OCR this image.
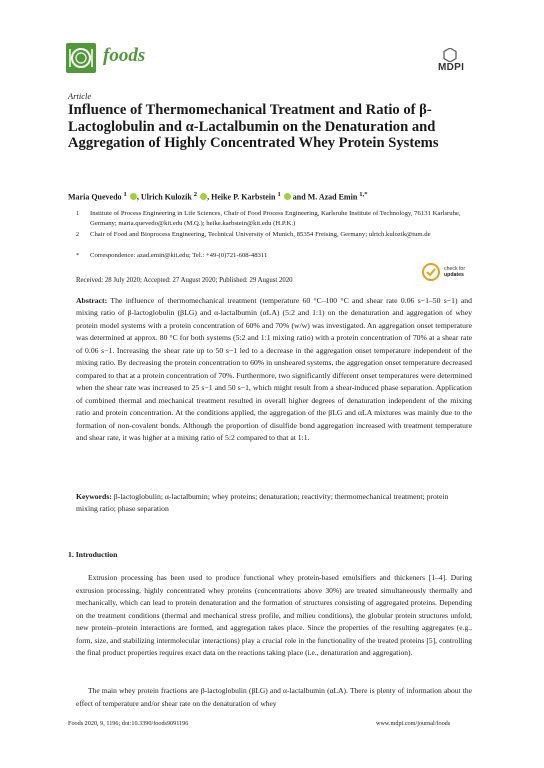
foods
MDPI
Article
Influence of Thermomechanical Treatment and Ratio of β-Lactoglobulin and α-Lactalbumin on the Denaturation and Aggregation of Highly Concentrated Whey Protein Systems
Maria Quevedo $^1$ , Ulrich Kulozik $^2$ , Heike P. Karbstein $^1$  and M. Azad Emin $^{1,*}$
1 Institute of Process Engineering in Life Sciences, Chair of Food Process Engineering, Karlsruhe Institute of Technology, 76131 Karlsruhe, Germany; maria.quevedo@kit.edu (M.Q.); heike.karbstein@kit.edu (H.P.K.)
2 Chair of Food and Bioprocess Engineering, Technical University of Munich, 85354 Freising, Germany; ulrich.kulozik@tum.de
* Correspondence: azad.emin@kit.edu; Tel.: +49-(0)721-608-48311
check for
updates
Received: 28 July 2020; Accepted: 27 August 2020; Published: 29 August 2020
Abstract: The influence of thermomechanical treatment (temperature 60 °C–100 °C and shear rate 0.06 s−1–50 s−1) and mixing ratio of β-lactoglobulin (βLG) and α-lactalbumin (αLA) (5:2 and 1:1) on the denaturation and aggregation of whey protein model systems with a protein concentration of 60% and 70% (w/w) was investigated. An aggregation onset temperature was determined at approx. 80 °C for both systems (5:2 and 1:1 mixing ratio) with a protein concentration of 70% at a shear rate of 0.06 s−1. Increasing the shear rate up to 50 s−1 led to a decrease in the aggregation onset temperature independent of the mixing ratio. By decreasing the protein concentration to 60% in unsheared systems, the aggregation onset temperature decreased compared to that at a protein concentration of 70%. Furthermore, two significantly different onset temperatures were determined when the shear rate was increased to 25 s−1 and 50 s−1, which might result from a shear-induced phase separation. Application of combined thermal and mechanical treatment resulted in overall higher degrees of denaturation independent of the mixing ratio and protein concentration. At the conditions applied, the aggregation of the βLG and αLA mixtures was mainly due to the formation of non-covalent bonds. Although the proportion of disulfide bond aggregation increased with treatment temperature and shear rate, it was higher at a mixing ratio of 5:2 compared to that at 1:1.
Keywords: β-lactoglobulin; α-lactalbumin; whey proteins; denaturation; reactivity; thermomechanical treatment; protein mixing ratio; phase separation
1. Introduction
Extrusion processing has been used to produce functional whey protein-based emulsifiers and thickeners [1–4]. During extrusion processing, highly concentrated whey proteins (concentrations above 30%) are treated simultaneously thermally and mechanically, which can lead to protein denaturation and the formation of structures consisting of aggregated proteins. Depending on the treatment conditions (thermal and mechanical stress profile, and milieu conditions), the globular protein structures unfold, new protein–protein interactions are formed, and aggregation takes place. Since the properties of the resulting aggregates (e.g., form, size, and stabilizing intermolecular interactions) play a crucial role in the functionality of the treated proteins [5], controlling the final product properties requires exact data on the reactions taking place (i.e., denaturation and aggregation).
The main whey protein fractions are β-lactoglobulin (βLG) and α-lactalbumin (αLA). There is plenty of information about the effect of temperature and/or shear rate on the denaturation of whey
Foods 2020, 9, 1196; doi:10.3390/foods9091196	www.mdpi.com/journal/foods
